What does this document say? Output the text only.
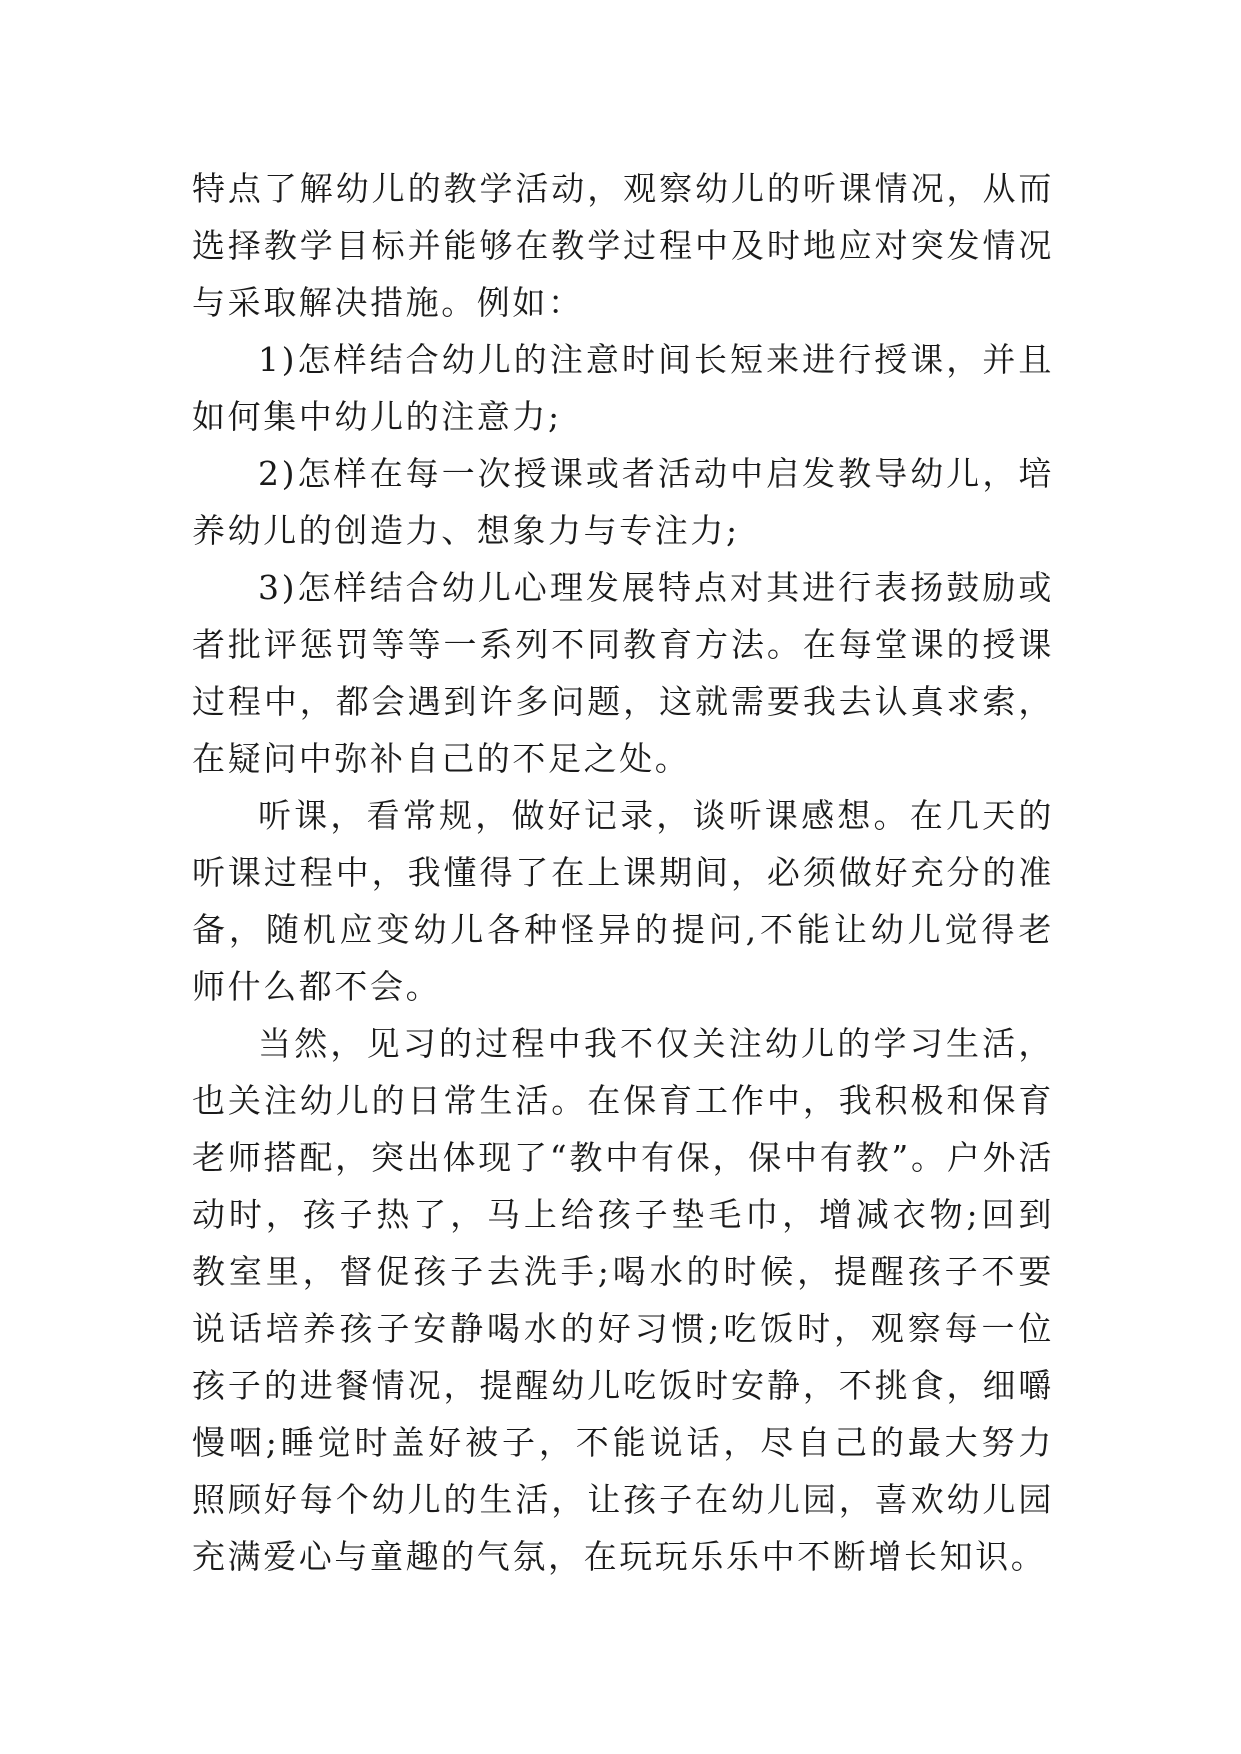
特点了解幼儿的教学活动，观察幼儿的听课情况，从而选择教学目标并能够在教学过程中及时地应对突发情况与采取解决措施。例如：

1)怎样结合幼儿的注意时间长短来进行授课，并且如何集中幼儿的注意力;

2)怎样在每一次授课或者活动中启发教导幼儿，培养幼儿的创造力、想象力与专注力;

3)怎样结合幼儿心理发展特点对其进行表扬鼓励或者批评惩罚等等一系列不同教育方法。在每堂课的授课过程中，都会遇到许多问题，这就需要我去认真求索，在疑问中弥补自己的不足之处。

听课，看常规，做好记录，谈听课感想。在几天的听课过程中，我懂得了在上课期间，必须做好充分的准备，随机应变幼儿各种怪异的提问,不能让幼儿觉得老师什么都不会。

当然，见习的过程中我不仅关注幼儿的学习生活，也关注幼儿的日常生活。在保育工作中，我积极和保育老师搭配，突出体现了“教中有保，保中有教”。户外活动时，孩子热了，马上给孩子垫毛巾，增减衣物;回到教室里，督促孩子去洗手;喝水的时候，提醒孩子不要说话培养孩子安静喝水的好习惯;吃饭时，观察每一位孩子的进餐情况，提醒幼儿吃饭时安静，不挑食，细嚼慢咽;睡觉时盖好被子，不能说话，尽自己的最大努力照顾好每个幼儿的生活，让孩子在幼儿园，喜欢幼儿园充满爱心与童趣的气氛，在玩玩乐乐中不断增长知识。
